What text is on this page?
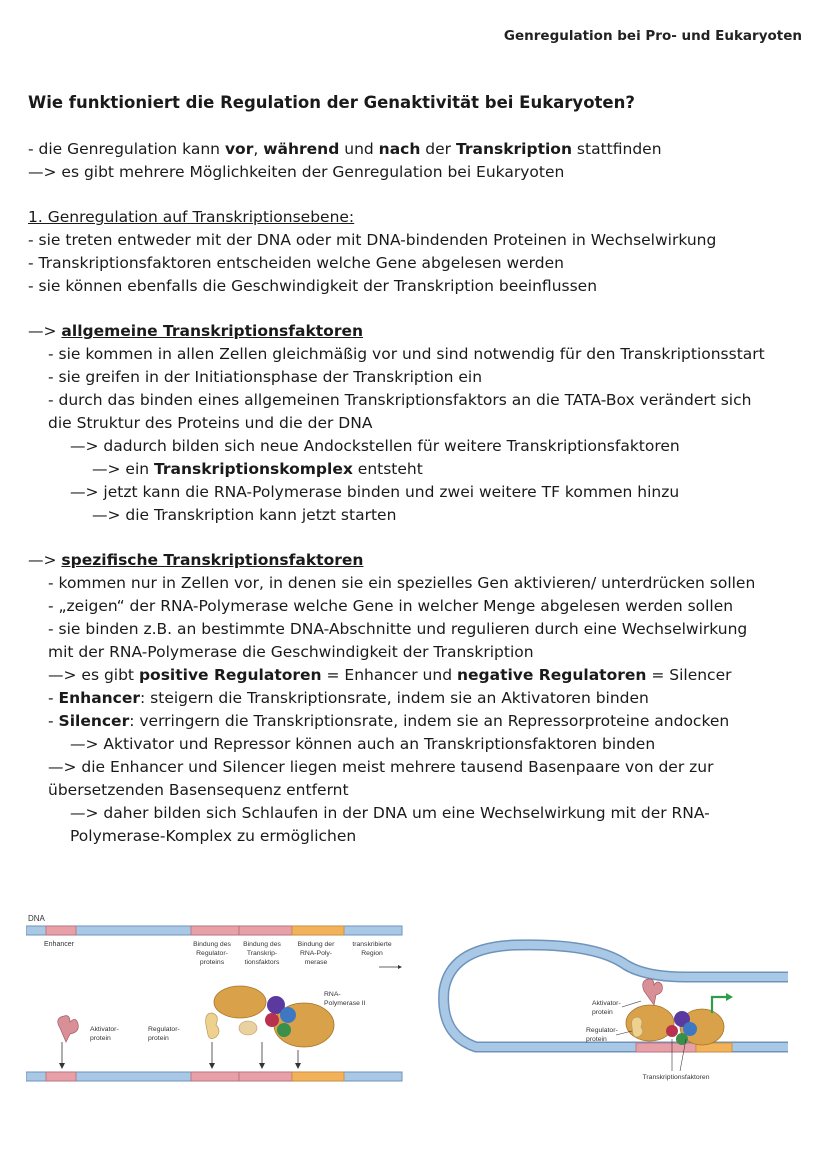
Genregulation bei Pro- und Eukaryoten
Wie funktioniert die Regulation der Genaktivität bei Eukaryoten?
- die Genregulation kann vor, während und nach der Transkription stattfinden
—> es gibt mehrere Möglichkeiten der Genregulation bei Eukaryoten
1. Genregulation auf Transkriptionsebene:
- sie treten entweder mit der DNA oder mit DNA-bindenden Proteinen in Wechselwirkung
- Transkriptionsfaktoren entscheiden welche Gene abgelesen werden
- sie können ebenfalls die Geschwindigkeit der Transkription beeinflussen
—> allgemeine Transkriptionsfaktoren
- sie kommen in allen Zellen gleichmäßig vor und sind notwendig für den Transkriptionsstart
- sie greifen in der Initiationsphase der Transkription ein
- durch das binden eines allgemeinen Transkriptionsfaktors an die TATA-Box verändert sich
die Struktur des Proteins und die der DNA
—> dadurch bilden sich neue Andockstellen für weitere Transkriptionsfaktoren
—> ein Transkriptionskomplex entsteht
—> jetzt kann die RNA-Polymerase binden und zwei weitere TF kommen hinzu
—> die Transkription kann jetzt starten
—> spezifische Transkriptionsfaktoren
- kommen nur in Zellen vor, in denen sie ein spezielles Gen aktivieren/ unterdrücken sollen
- „zeigen“ der RNA-Polymerase welche Gene in welcher Menge abgelesen werden sollen
- sie binden z.B. an bestimmte DNA-Abschnitte und regulieren durch eine Wechselwirkung
mit der RNA-Polymerase die Geschwindigkeit der Transkription
—> es gibt positive Regulatoren = Enhancer und negative Regulatoren = Silencer
- Enhancer: steigern die Transkriptionsrate, indem sie an Aktivatoren binden
- Silencer: verringern die Transkriptionsrate, indem sie an Repressorproteine andocken
—> Aktivator und Repressor können auch an Transkriptionsfaktoren binden
—> die Enhancer und Silencer liegen meist mehrere tausend Basenpaare von der zur
übersetzenden Basensequenz entfernt
—> daher bilden sich Schlaufen in der DNA um eine Wechselwirkung mit der RNA-
Polymerase-Komplex zu ermöglichen
DNA
Enhancer	Bindung des
Regulator-
proteins
Bindung des
Transkrip-
tionsfaktors
Bindung der
RNA-Poly-
merase
transkribierte
Region
RNA-
Polymerase II
Aktivator-
protein
Regulator-
protein
Aktivator-
protein
Regulator-
protein
Transkriptionsfaktoren
